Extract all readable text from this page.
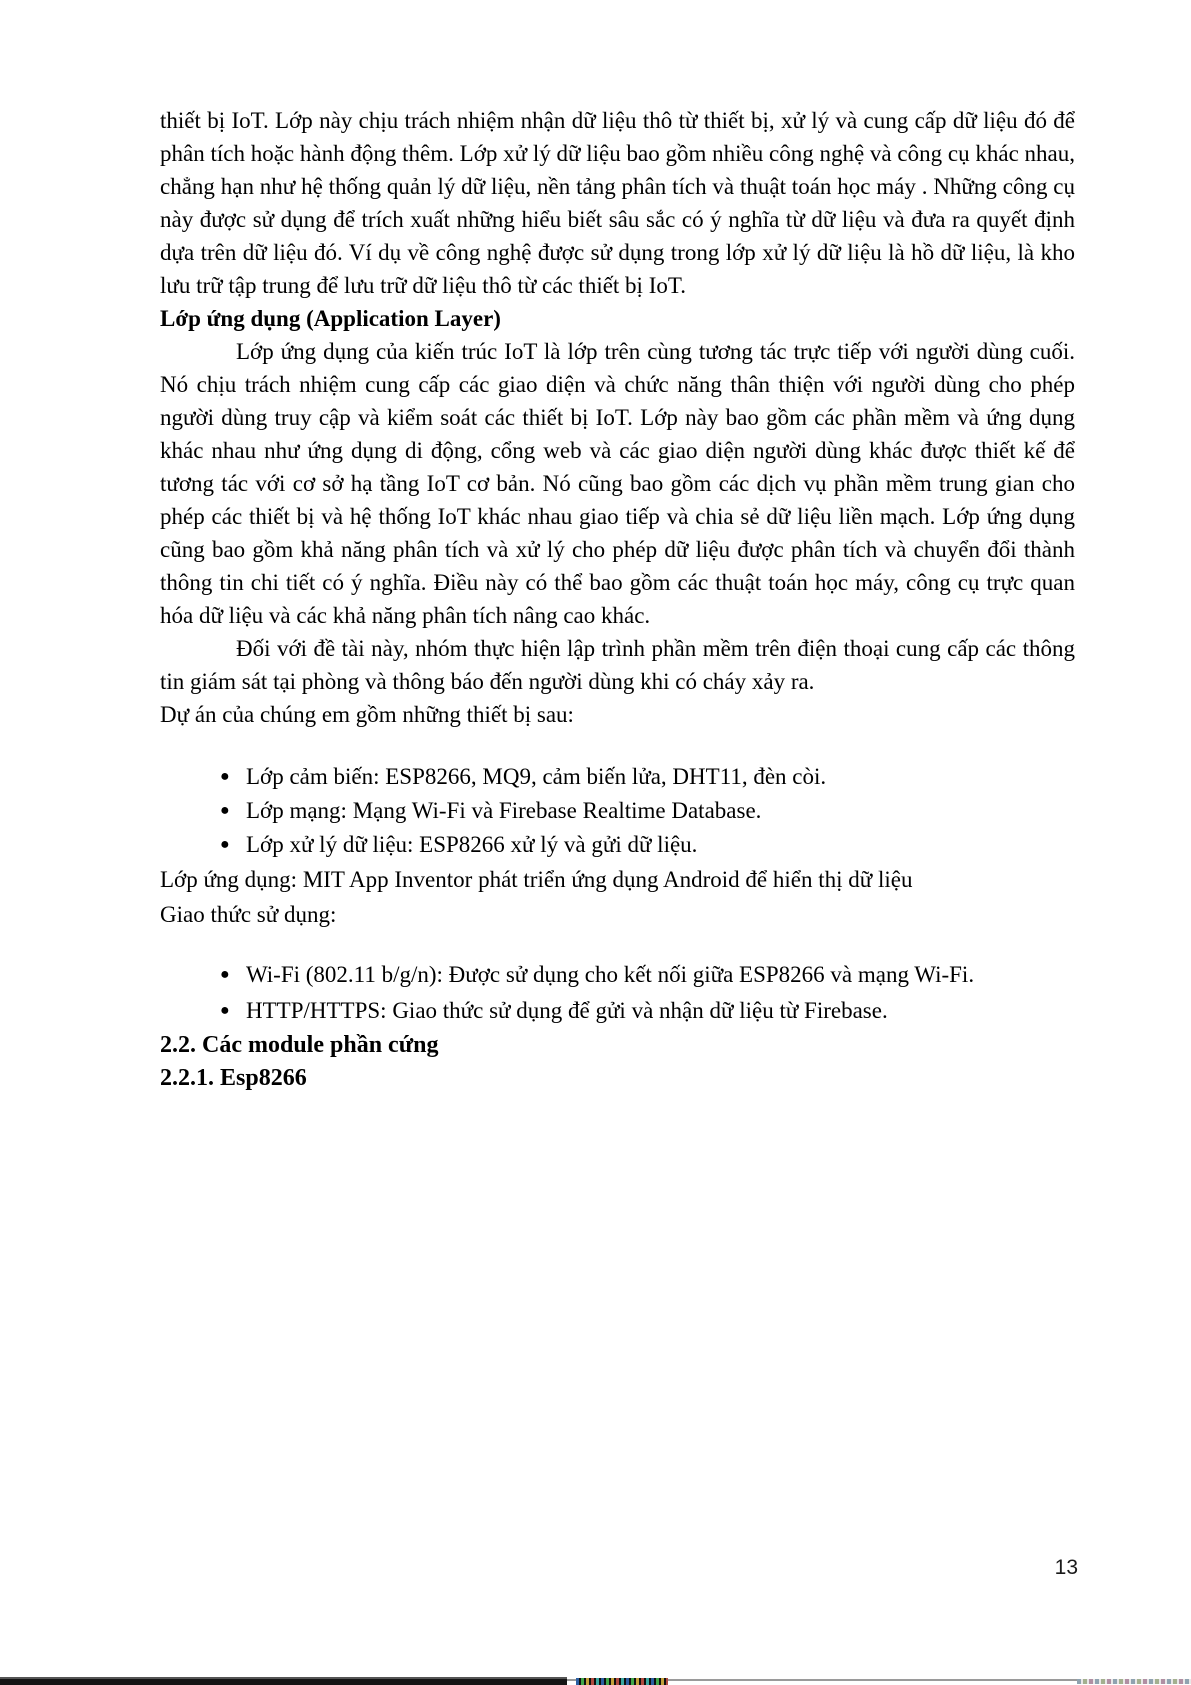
thiết bị IoT. Lớp này chịu trách nhiệm nhận dữ liệu thô từ thiết bị, xử lý và cung cấp dữ liệu đó để phân tích hoặc hành động thêm. Lớp xử lý dữ liệu bao gồm nhiều công nghệ và công cụ khác nhau, chẳng hạn như hệ thống quản lý dữ liệu, nền tảng phân tích và thuật toán học máy . Những công cụ này được sử dụng để trích xuất những hiểu biết sâu sắc có ý nghĩa từ dữ liệu và đưa ra quyết định dựa trên dữ liệu đó. Ví dụ về công nghệ được sử dụng trong lớp xử lý dữ liệu là hồ dữ liệu, là kho lưu trữ tập trung để lưu trữ dữ liệu thô từ các thiết bị IoT.

Lớp ứng dụng (Application Layer)

Lớp ứng dụng của kiến trúc IoT là lớp trên cùng tương tác trực tiếp với người dùng cuối. Nó chịu trách nhiệm cung cấp các giao diện và chức năng thân thiện với người dùng cho phép người dùng truy cập và kiểm soát các thiết bị IoT. Lớp này bao gồm các phần mềm và ứng dụng khác nhau như ứng dụng di động, cổng web và các giao diện người dùng khác được thiết kế để tương tác với cơ sở hạ tầng IoT cơ bản. Nó cũng bao gồm các dịch vụ phần mềm trung gian cho phép các thiết bị và hệ thống IoT khác nhau giao tiếp và chia sẻ dữ liệu liền mạch. Lớp ứng dụng cũng bao gồm khả năng phân tích và xử lý cho phép dữ liệu được phân tích và chuyển đổi thành thông tin chi tiết có ý nghĩa. Điều này có thể bao gồm các thuật toán học máy, công cụ trực quan hóa dữ liệu và các khả năng phân tích nâng cao khác.

Đối với đề tài này, nhóm thực hiện lập trình phần mềm trên điện thoại cung cấp các thông tin giám sát tại phòng và thông báo đến người dùng khi có cháy xảy ra.

Dự án của chúng em gồm những thiết bị sau:

● Lớp cảm biến: ESP8266, MQ9, cảm biến lửa, DHT11, đèn còi.
● Lớp mạng: Mạng Wi-Fi và Firebase Realtime Database.
● Lớp xử lý dữ liệu: ESP8266 xử lý và gửi dữ liệu.

Lớp ứng dụng: MIT App Inventor phát triển ứng dụng Android để hiển thị dữ liệu

Giao thức sử dụng:

● Wi-Fi (802.11 b/g/n): Được sử dụng cho kết nối giữa ESP8266 và mạng Wi-Fi.
● HTTP/HTTPS: Giao thức sử dụng để gửi và nhận dữ liệu từ Firebase.

2.2. Các module phần cứng

2.2.1. Esp8266

13
